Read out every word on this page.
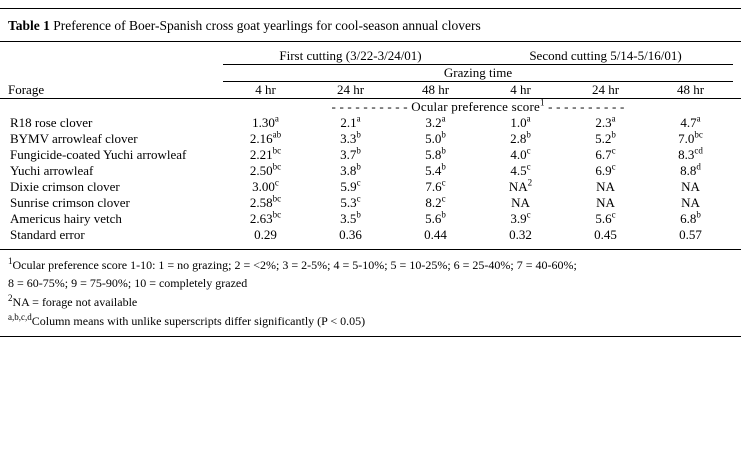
Table 1 Preference of Boer-Spanish cross goat yearlings for cool-season annual clovers

	First cutting (3/22-3/24/01)			Second cutting 5/14-5/16/01)		
	Grazing time					
Forage	4 hr	24 hr	48 hr	4 hr	24 hr	48 hr
	- - - - - - - - - - Ocular preference score$^1$ - - - - - - - - - -					
R18 rose clover	1.30$^a$	2.1$^a$	3.2$^a$	1.0$^a$	2.3$^a$	4.7$^a$
BYMV arrowleaf clover	2.16$^{ab}$	3.3$^b$	5.0$^b$	2.8$^b$	5.2$^b$	7.0$^{bc}$
Fungicide-coated Yuchi arrowleaf	2.21$^{bc}$	3.7$^b$	5.8$^b$	4.0$^c$	6.7$^c$	8.3$^{cd}$
Yuchi arrowleaf	2.50$^{bc}$	3.8$^b$	5.4$^b$	4.5$^c$	6.9$^c$	8.8$^d$
Dixie crimson clover	3.00$^c$	5.9$^c$	7.6$^c$	$NA^2$	NA	NA
Sunrise crimson clover	2.58$^{bc}$	5.3$^c$	8.2$^c$	NA	NA	NA
Americus hairy vetch	2.63$^{bc}$	3.5$^b$	5.6$^b$	3.9$^c$	5.6$^c$	6.8$^b$
Standard error	0.29	0.36	0.44	0.32	0.45	0.57
$^1$Ocular preference score 1-10: 1 = no grazing; 2 = <2%; 3 = 2-5%; 4 = 5-10%; 5 = 10-25%; 6 = 25-40%; 7 = 40-60%;
8 = 60-75%; 9 = 75-90%; 10 = completely grazed
$^2$NA = forage not available
$^{a,b,c,d}$Column means with unlike superscripts differ significantly (P < 0.05)
